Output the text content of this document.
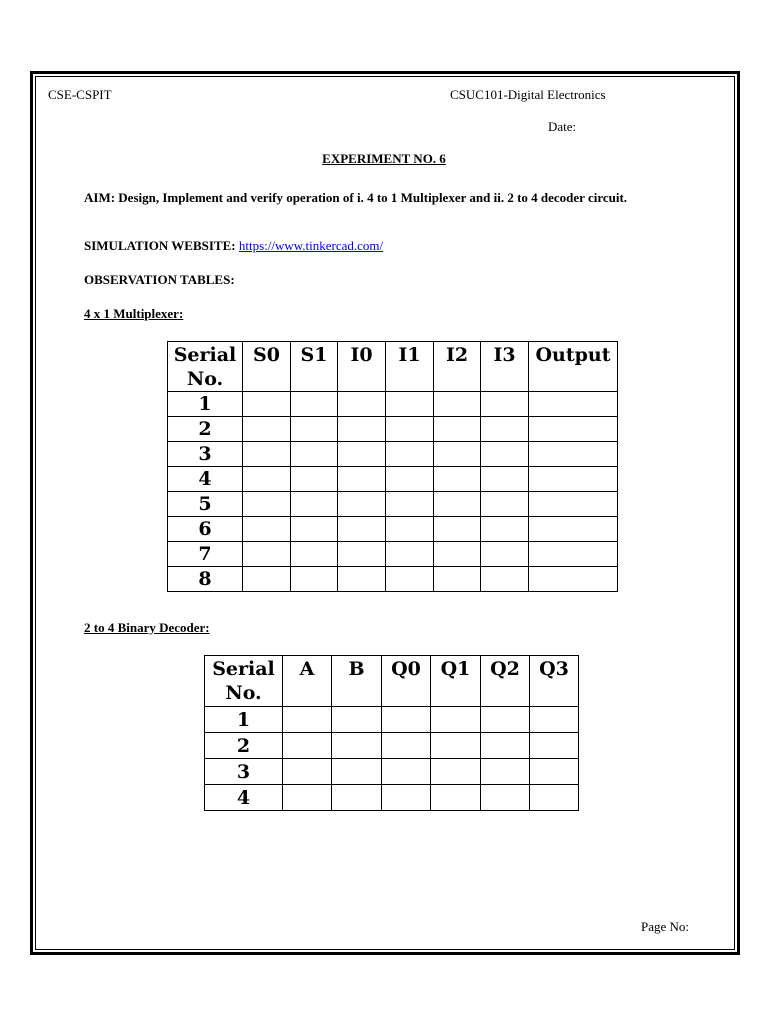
CSE-CSPIT	CSUC101-Digital Electronics
Date:
EXPERIMENT NO. 6
AIM: Design, Implement and verify operation of i. 4 to 1 Multiplexer and ii. 2 to 4 decoder circuit.
SIMULATION WEBSITE: https://www.tinkercad.com/
OBSERVATION TABLES:
4 x 1 Multiplexer:
Serial
No.	S0	S1	I0	I1	I2	I3	Output
1							
2							
3							
4							
5							
6							
7							
8							
2 to 4 Binary Decoder:
Serial
No.	A	B	Q0	Q1	Q2	Q3
1						
2						
3						
4						
Page No:
